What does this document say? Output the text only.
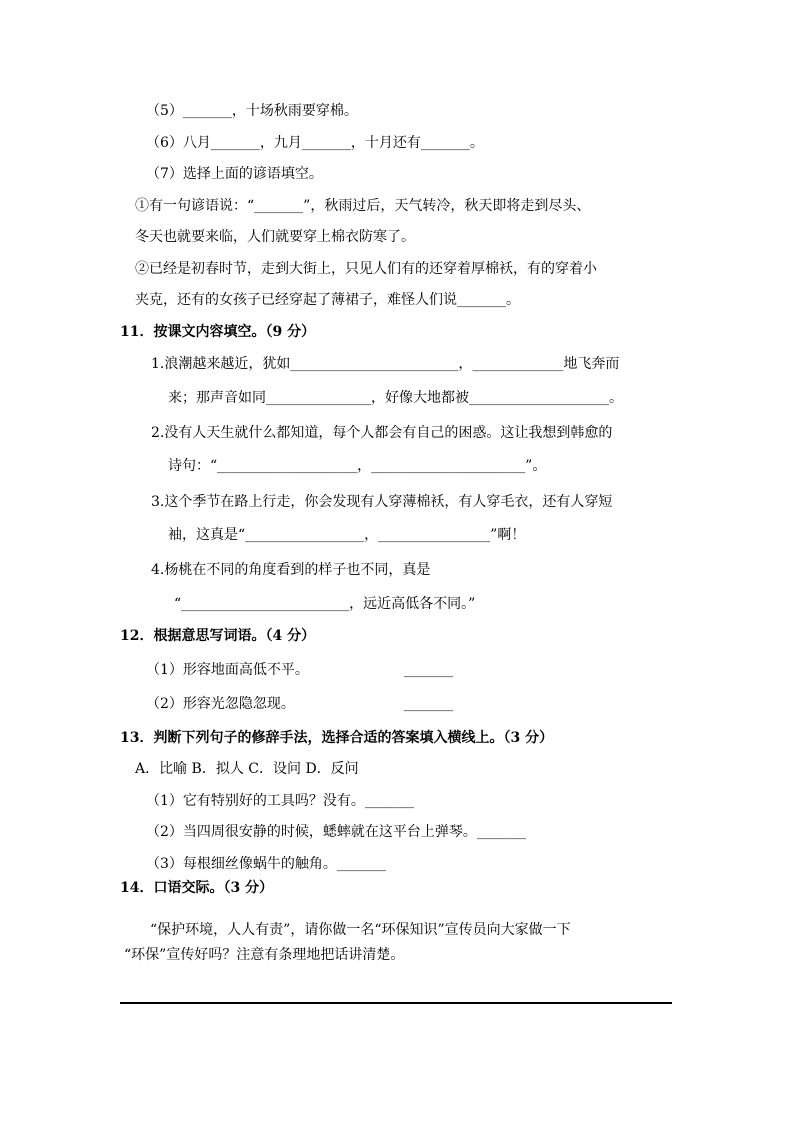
（5）_______，十场秋雨要穿棉。
（6）八月_______，九月_______，十月还有_______。
（7）选择上面的谚语填空。
①有一句谚语说：“_______”，秋雨过后，天气转冷，秋天即将走到尽头、
冬天也就要来临，人们就要穿上棉衣防寒了。
②已经是初春时节，走到大街上，只见人们有的还穿着厚棉袄，有的穿着小
夹克，还有的女孩子已经穿起了薄裙子，难怪人们说_______。
11．按课文内容填空。（9 分）
1.浪潮越来越近，犹如________________________，_____________地飞奔而
来；那声音如同_______________，好像大地都被____________________。
2.没有人天生就什么都知道，每个人都会有自己的困惑。这让我想到韩愈的
诗句：“____________________，______________________”。
3.这个季节在路上行走，你会发现有人穿薄棉袄，有人穿毛衣，还有人穿短
袖，这真是“_________________，________________”啊！
4.杨桃在不同的角度看到的样子也不同，真是
“________________________，远近高低各不同。”
12．根据意思写词语。（4 分）
（1）形容地面高低不平。	_______
（2）形容光忽隐忽现。	_______
13．判断下列句子的修辞手法，选择合适的答案填入横线上。（3 分）
A．比喻 B．拟人 C．设问 D．反问
（1）它有特别好的工具吗？没有。_______
（2）当四周很安静的时候，蟋蟀就在这平台上弹琴。_______
（3）每根细丝像蜗牛的触角。_______
14．口语交际。（3 分）
“保护环境，人人有责”，请你做一名“环保知识”宣传员向大家做一下
“环保”宣传好吗？注意有条理地把话讲清楚。
